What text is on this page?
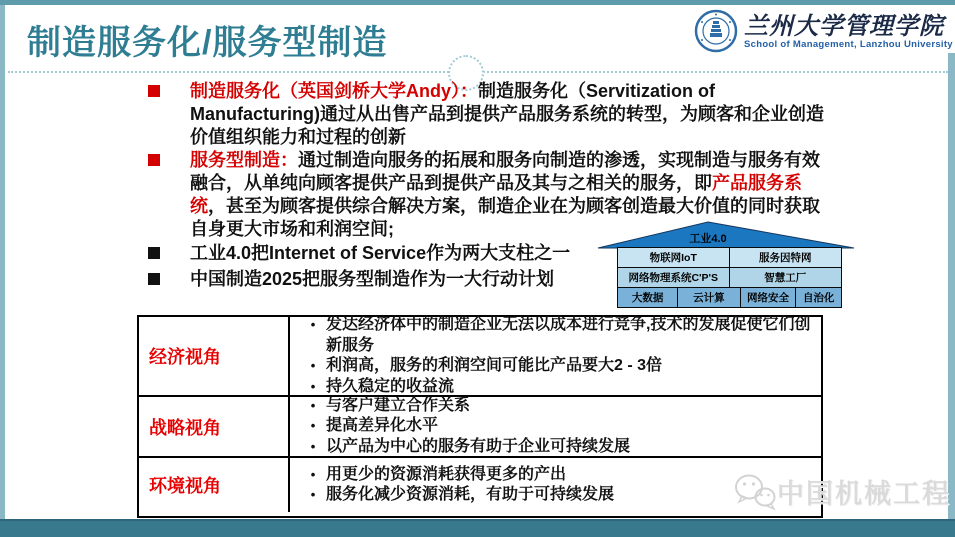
制造服务化/服务型制造	兰州大学管理学院
School of Management, Lanzhou University
制造服务化（英国剑桥大学Andy）：制造服务化（Servitization of Manufacturing)通过从出售产品到提供产品服务系统的转型，为顾客和企业创造价值组织能力和过程的创新
服务型制造：通过制造向服务的拓展和服务向制造的渗透，实现制造与服务有效融合，从单纯向顾客提供产品到提供产品及其与之相关的服务，即产品服务系统，甚至为顾客提供综合解决方案，制造企业在为顾客创造最大价值的同时获取自身更大市场和利润空间;
工业4.0把Internet of Service作为两大支柱之一
中国制造2025把服务型制造作为一大行动计划
工业4.0
物联网IoT	服务因特网
网络物理系统C'P'S	智慧工厂
大数据	云计算	网络安全	自治化
经济视角
• 发达经济体中的制造企业无法以成本进行竞争,技术的发展促使它们创新服务
• 利润高，服务的利润空间可能比产品要大2 - 3倍
• 持久稳定的收益流
战略视角
• 与客户建立合作关系
• 提高差异化水平
• 以产品为中心的服务有助于企业可持续发展
环境视角
• 用更少的资源消耗获得更多的产出
• 服务化减少资源消耗，有助于可持续发展	中国机械工程
